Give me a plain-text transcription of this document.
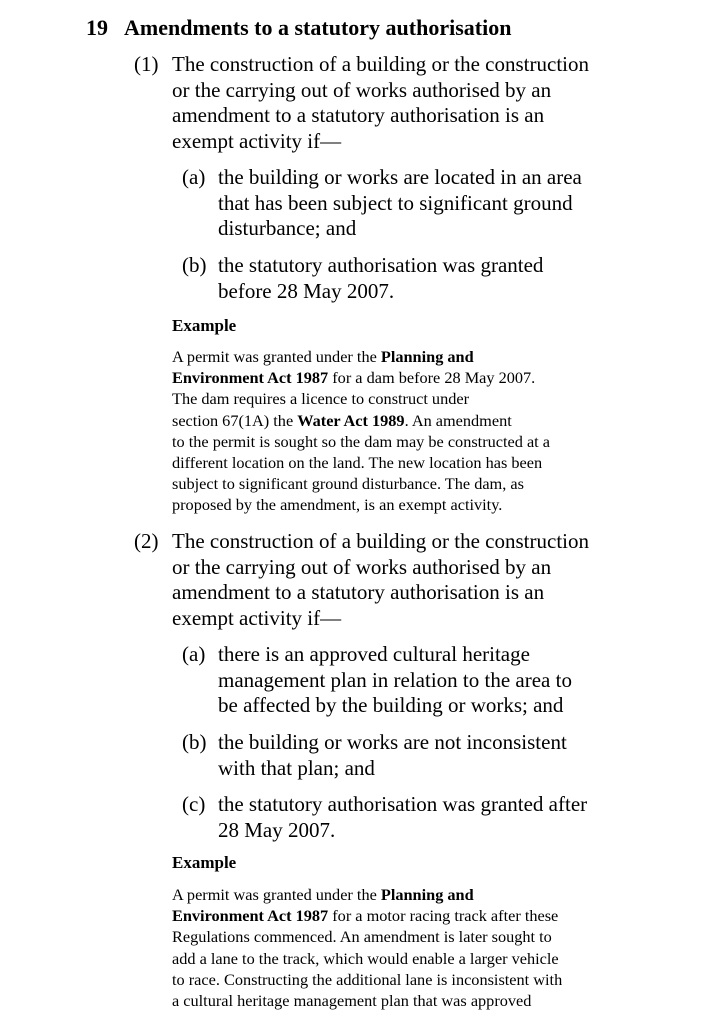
19 Amendments to a statutory authorisation
(1) The construction of a building or the construction
or the carrying out of works authorised by an
amendment to a statutory authorisation is an
exempt activity if—
(a) the building or works are located in an area
that has been subject to significant ground
disturbance; and
(b) the statutory authorisation was granted
before 28 May 2007.
Example
A permit was granted under the Planning and
Environment Act 1987 for a dam before 28 May 2007.
The dam requires a licence to construct under
section 67(1A) the Water Act 1989. An amendment
to the permit is sought so the dam may be constructed at a
different location on the land. The new location has been
subject to significant ground disturbance. The dam, as
proposed by the amendment, is an exempt activity.
(2) The construction of a building or the construction
or the carrying out of works authorised by an
amendment to a statutory authorisation is an
exempt activity if—
(a) there is an approved cultural heritage
management plan in relation to the area to
be affected by the building or works; and
(b) the building or works are not inconsistent
with that plan; and
(c) the statutory authorisation was granted after
28 May 2007.
Example
A permit was granted under the Planning and
Environment Act 1987 for a motor racing track after these
Regulations commenced. An amendment is later sought to
add a lane to the track, which would enable a larger vehicle
to race. Constructing the additional lane is inconsistent with
a cultural heritage management plan that was approved
